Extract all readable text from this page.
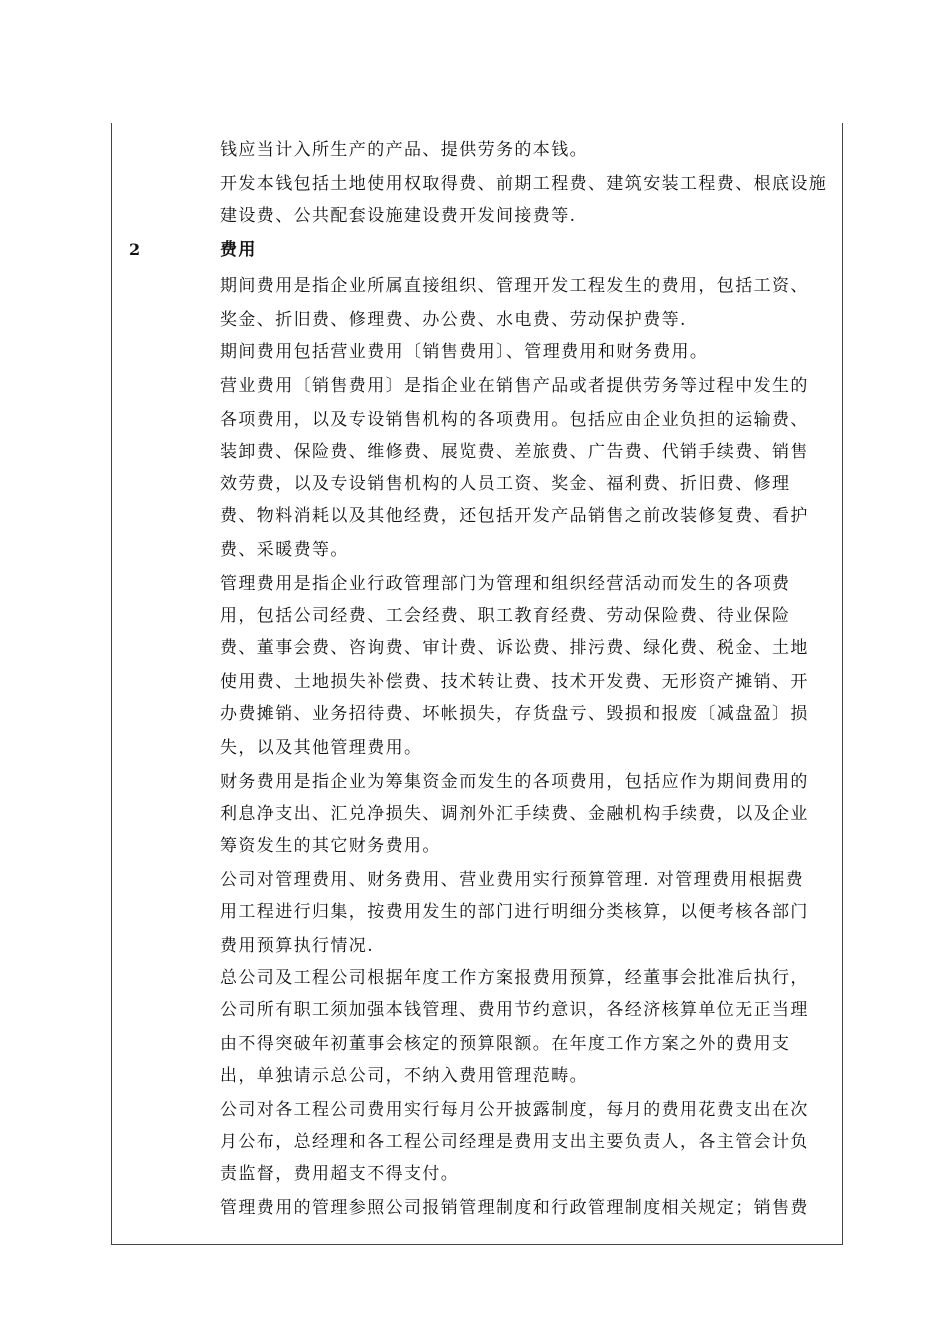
钱应当计入所生产的产品、提供劳务的本钱。
开发本钱包括土地使用权取得费、前期工程费、建筑安装工程费、根底设施
建设费、公共配套设施建设费开发间接费等.
2	费用
期间费用是指企业所属直接组织、管理开发工程发生的费用，包括工资、
奖金、折旧费、修理费、办公费、水电费、劳动保护费等.
期间费用包括营业费用〔销售费用〕、管理费用和财务费用。
营业费用〔销售费用〕是指企业在销售产品或者提供劳务等过程中发生的
各项费用，以及专设销售机构的各项费用。包括应由企业负担的运输费、
装卸费、保险费、维修费、展览费、差旅费、广告费、代销手续费、销售
效劳费，以及专设销售机构的人员工资、奖金、福利费、折旧费、修理
费、物料消耗以及其他经费，还包括开发产品销售之前改装修复费、看护
费、采暖费等。
管理费用是指企业行政管理部门为管理和组织经营活动而发生的各项费
用，包括公司经费、工会经费、职工教育经费、劳动保险费、待业保险
费、董事会费、咨询费、审计费、诉讼费、排污费、绿化费、税金、土地
使用费、土地损失补偿费、技术转让费、技术开发费、无形资产摊销、开
办费摊销、业务招待费、坏帐损失，存货盘亏、毁损和报废〔减盘盈〕损
失，以及其他管理费用。
财务费用是指企业为筹集资金而发生的各项费用，包括应作为期间费用的
利息净支出、汇兑净损失、调剂外汇手续费、金融机构手续费，以及企业
筹资发生的其它财务费用。
公司对管理费用、财务费用、营业费用实行预算管理. 对管理费用根据费
用工程进行归集，按费用发生的部门进行明细分类核算，以便考核各部门
费用预算执行情况.
总公司及工程公司根据年度工作方案报费用预算，经董事会批准后执行，
公司所有职工须加强本钱管理、费用节约意识，各经济核算单位无正当理
由不得突破年初董事会核定的预算限额。在年度工作方案之外的费用支
出，单独请示总公司，不纳入费用管理范畴。
公司对各工程公司费用实行每月公开披露制度，每月的费用花费支出在次
月公布，总经理和各工程公司经理是费用支出主要负责人，各主管会计负
责监督，费用超支不得支付。
管理费用的管理参照公司报销管理制度和行政管理制度相关规定；销售费
